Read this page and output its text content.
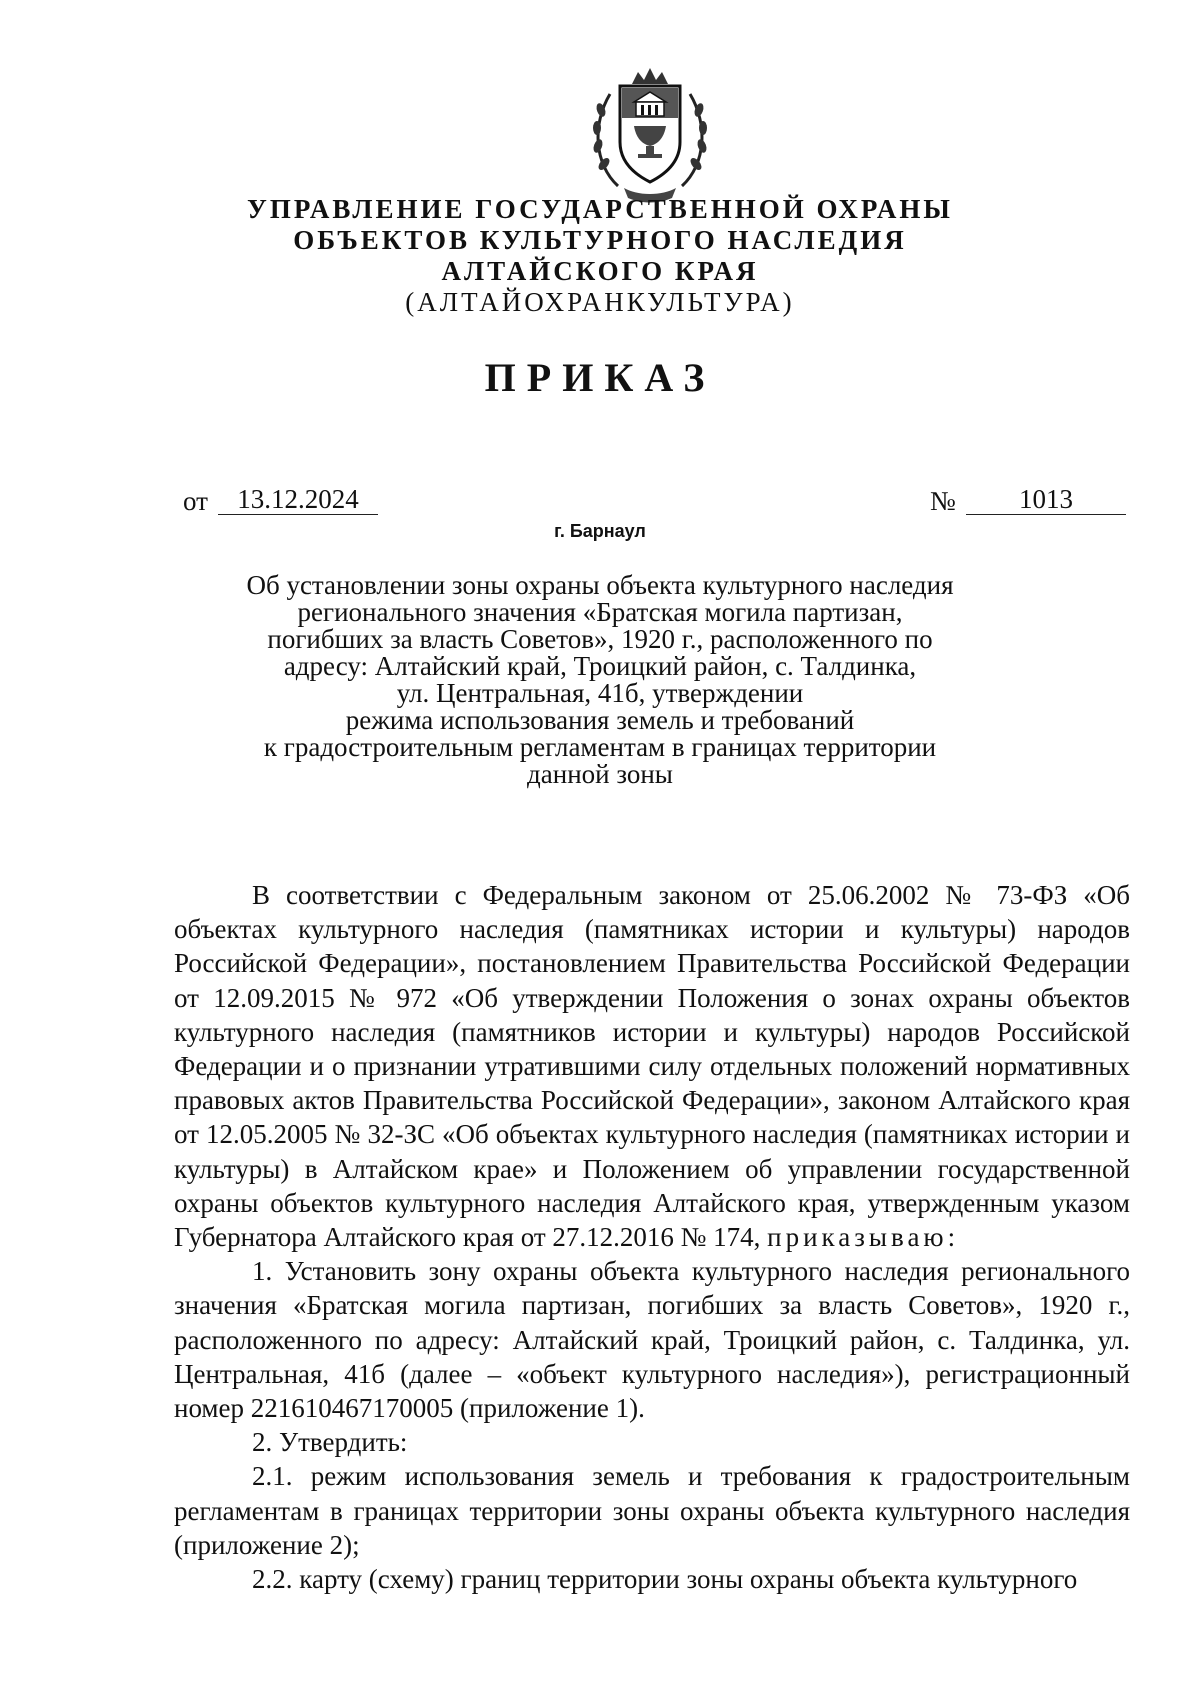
УПРАВЛЕНИЕ ГОСУДАРСТВЕННОЙ ОХРАНЫ
ОБЪЕКТОВ КУЛЬТУРНОГО НАСЛЕДИЯ
АЛТАЙСКОГО КРАЯ
(АЛТАЙОХРАНКУЛЬТУРА)
ПРИКАЗ
от	13.12.2024	№	1013
г. Барнаул
Об установлении зоны охраны объекта культурного наследия
регионального значения «Братская могила партизан,
погибших за власть Советов», 1920 г., расположенного по
адресу: Алтайский край, Троицкий район, с. Талдинка,
ул. Центральная, 41б, утверждении
режима использования земель и требований
к градостроительным регламентам в границах территории
данной зоны

В соответствии с Федеральным законом от 25.06.2002 № 73-ФЗ «Об объектах культурного наследия (памятниках истории и культуры) народов Российской Федерации», постановлением Правительства Российской Федерации от 12.09.2015 № 972 «Об утверждении Положения о зонах охраны объектов культурного наследия (памятников истории и культуры) народов Российской Федерации и о признании утратившими силу отдельных положений нормативных правовых актов Правительства Российской Федерации», законом Алтайского края от 12.05.2005 № 32-ЗС «Об объектах культурного наследия (памятниках истории и культуры) в Алтайском крае» и Положением об управлении государственной охраны объектов культурного наследия Алтайского края, утвержденным указом Губернатора Алтайского края от 27.12.2016 № 174, приказываю:

1. Установить зону охраны объекта культурного наследия регионального значения «Братская могила партизан, погибших за власть Советов», 1920 г., расположенного по адресу: Алтайский край, Троицкий район, с. Талдинка, ул. Центральная, 41б (далее – «объект культурного наследия»), регистрационный номер 221610467170005 (приложение 1).

2. Утвердить:

2.1. режим использования земель и требования к градостроительным регламентам в границах территории зоны охраны объекта культурного наследия (приложение 2);

2.2. карту (схему) границ территории зоны охраны объекта культурного
